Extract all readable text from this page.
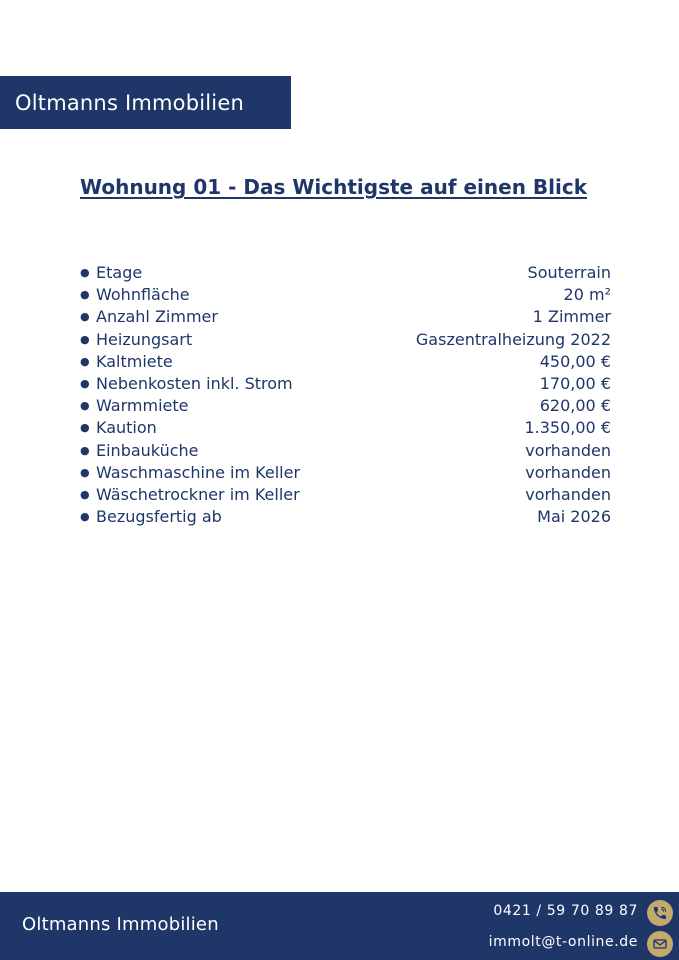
Oltmanns Immobilien
Wohnung 01 - Das Wichtigste auf einen Blick
● Etage	Souterrain
● Wohnfläche	20 m²
● Anzahl Zimmer	1 Zimmer
● Heizungsart	Gaszentralheizung 2022
● Kaltmiete	450,00 €
● Nebenkosten inkl. Strom	170,00 €
● Warmmiete	620,00 €
● Kaution	1.350,00 €
● Einbauküche	vorhanden
● Waschmaschine im Keller	vorhanden
● Wäschetrockner im Keller	vorhanden
● Bezugsfertig ab	Mai 2026
Oltmanns Immobilien
0421 / 59 70 89 87
immolt@t-online.de
